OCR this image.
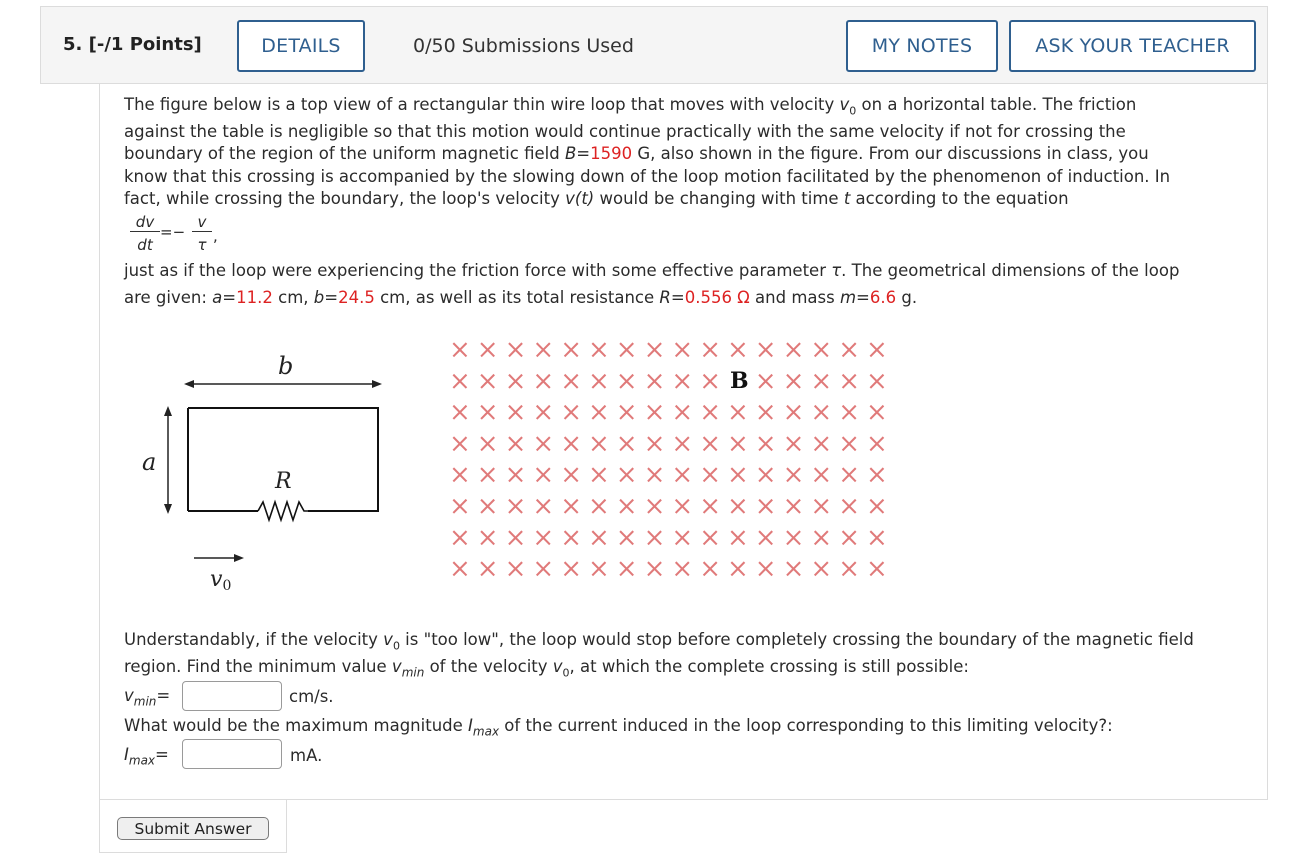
5. [-/1 Points]	DETAILS	0/50 Submissions Used	MY NOTES	ASK YOUR TEACHER
The figure below is a top view of a rectangular thin wire loop that moves with velocity $v_0$ on a horizontal table. The friction
against the table is negligible so that this motion would continue practically with the same velocity if not for crossing the
boundary of the region of the uniform magnetic field B=1590 G, also shown in the figure. From our discussions in class, you
know that this crossing is accompanied by the slowing down of the loop motion facilitated by the phenomenon of induction. In
fact, while crossing the boundary, the loop's velocity v(t) would be changing with time t according to the equation
dv
dt
=−
v
τ ,
just as if the loop were experiencing the friction force with some effective parameter τ. The geometrical dimensions of the loop
are given: a=11.2 cm, b=24.5 cm, as well as its total resistance R=0.556 Ω and mass m=6.6 g.
b
a
R
v0
× × × × × × × × × × × × × × × ×
× × × × × × × × × × × × × × ×
× × × × × × × × × × × × × × × ×
× × × × × × × × × × × × × × × ×
× × × × × × × × × × × × × × × ×
× × × × × × × × × × × × × × × ×
× × × × × × × × × × × × × × × ×
× × × × × × × × × × × × × × × ×
B
Understandably, if the velocity $v_0$ is "too low", the loop would stop before completely crossing the boundary of the magnetic field
region. Find the minimum value $v_{min}$ of the velocity $v_0$, at which the complete crossing is still possible:
$v_{min}=$	cm/s.
What would be the maximum magnitude $I_{max}$ of the current induced in the loop corresponding to this limiting velocity?:
$I_{max}=$	mA.
Submit Answer
